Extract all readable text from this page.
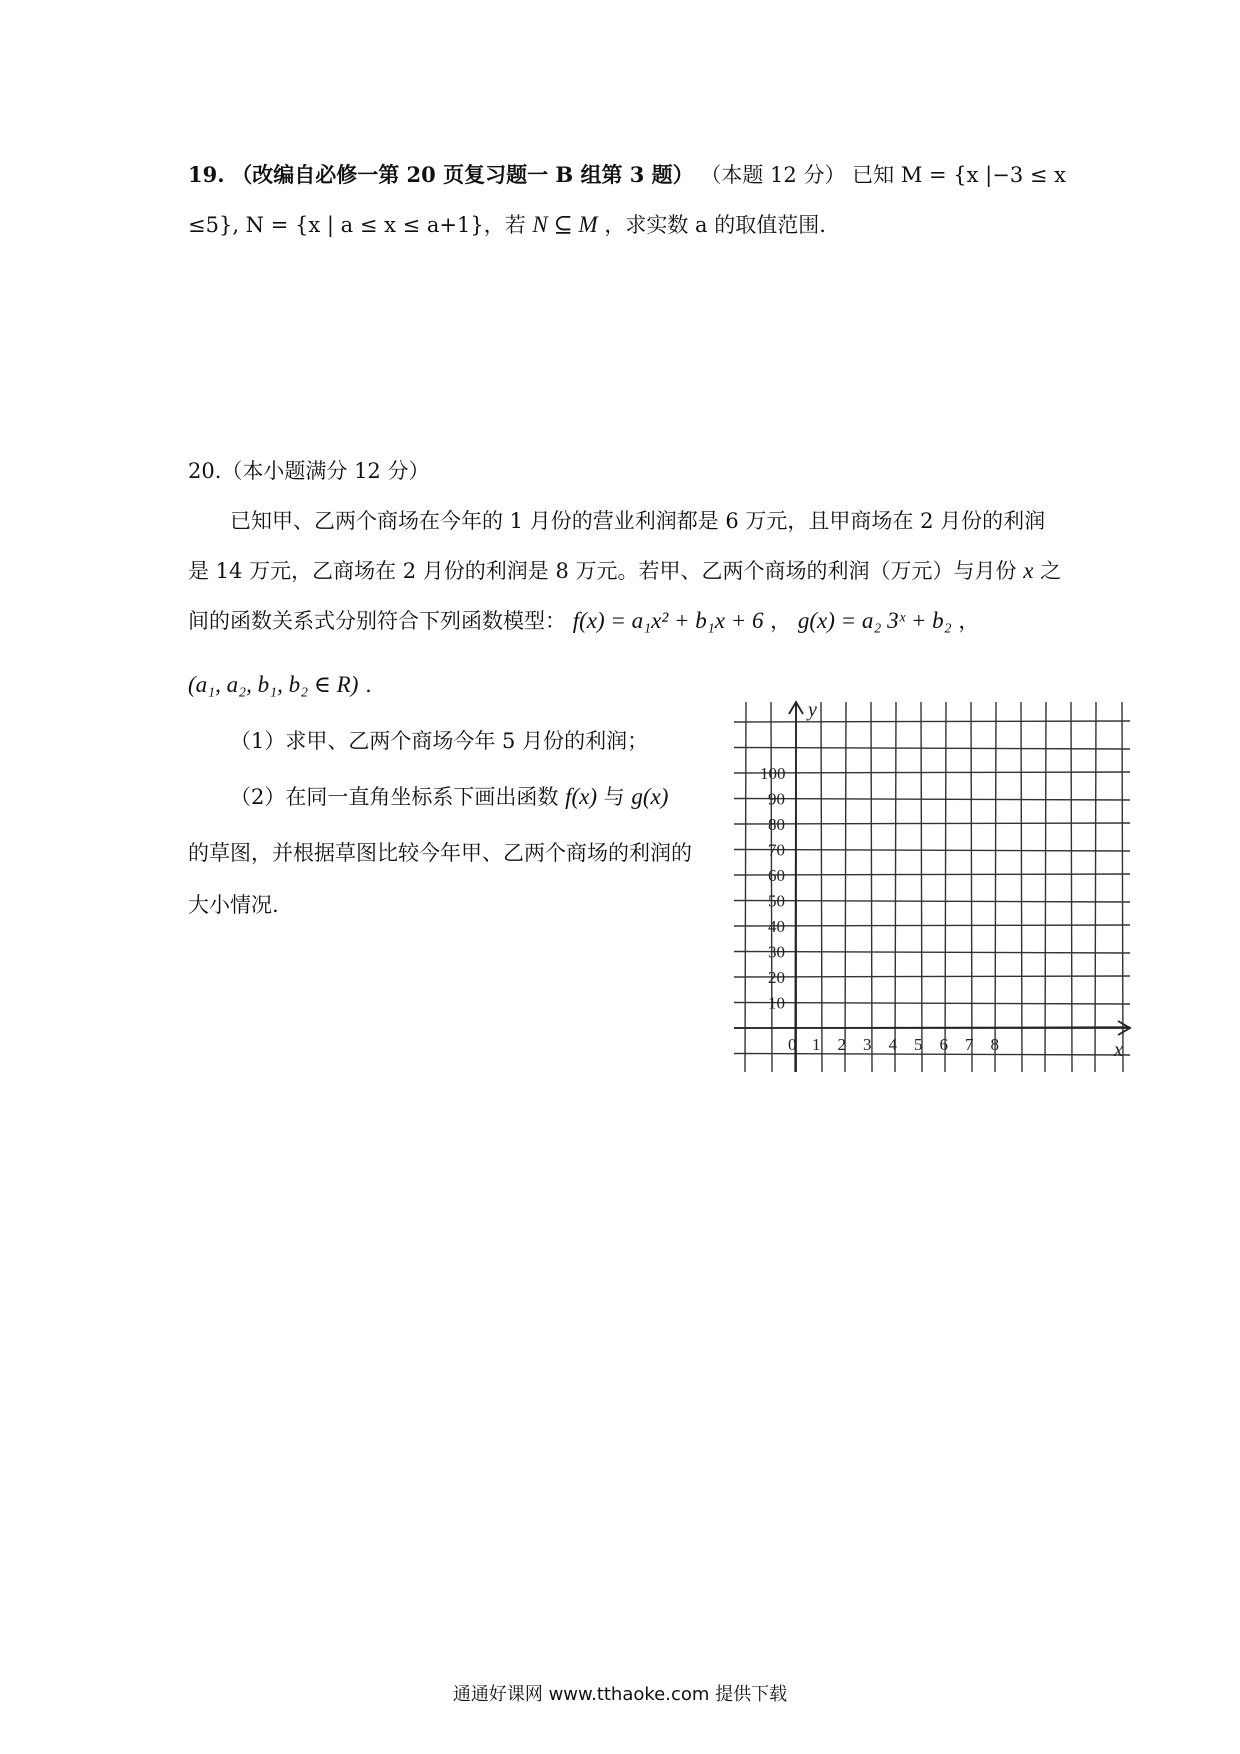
19. （改编自必修一第 20 页复习题一 B 组第 3 题） （本题 12 分） 已知 M = {x |−3 ≤ x
≤5}, N = {x | a ≤ x ≤ a+1}，若 N ⊆ M ，求实数 a 的取值范围.
20.（本小题满分 12 分）
已知甲、乙两个商场在今年的 1 月份的营业利润都是 6 万元，且甲商场在 2 月份的利润
是 14 万元，乙商场在 2 月份的利润是 8 万元。若甲、乙两个商场的利润（万元）与月份 x 之
间的函数关系式分别符合下列函数模型： f(x) = a₁x² + b₁x + 6 ， g(x) = a₂ 3ˣ + b₂ ，
(a₁, a₂, b₁, b₂ ∈ R) .
（1）求甲、乙两个商场今年 5 月份的利润；
（2）在同一直角坐标系下画出函数 f(x) 与 g(x)
的草图，并根据草图比较今年甲、乙两个商场的利润的
大小情况.
y
x
0
10
20
30
40
50
60
70
80
90
100
1 2 3 4 5 6 7 8
通通好课网 www.tthaoke.com 提供下载
